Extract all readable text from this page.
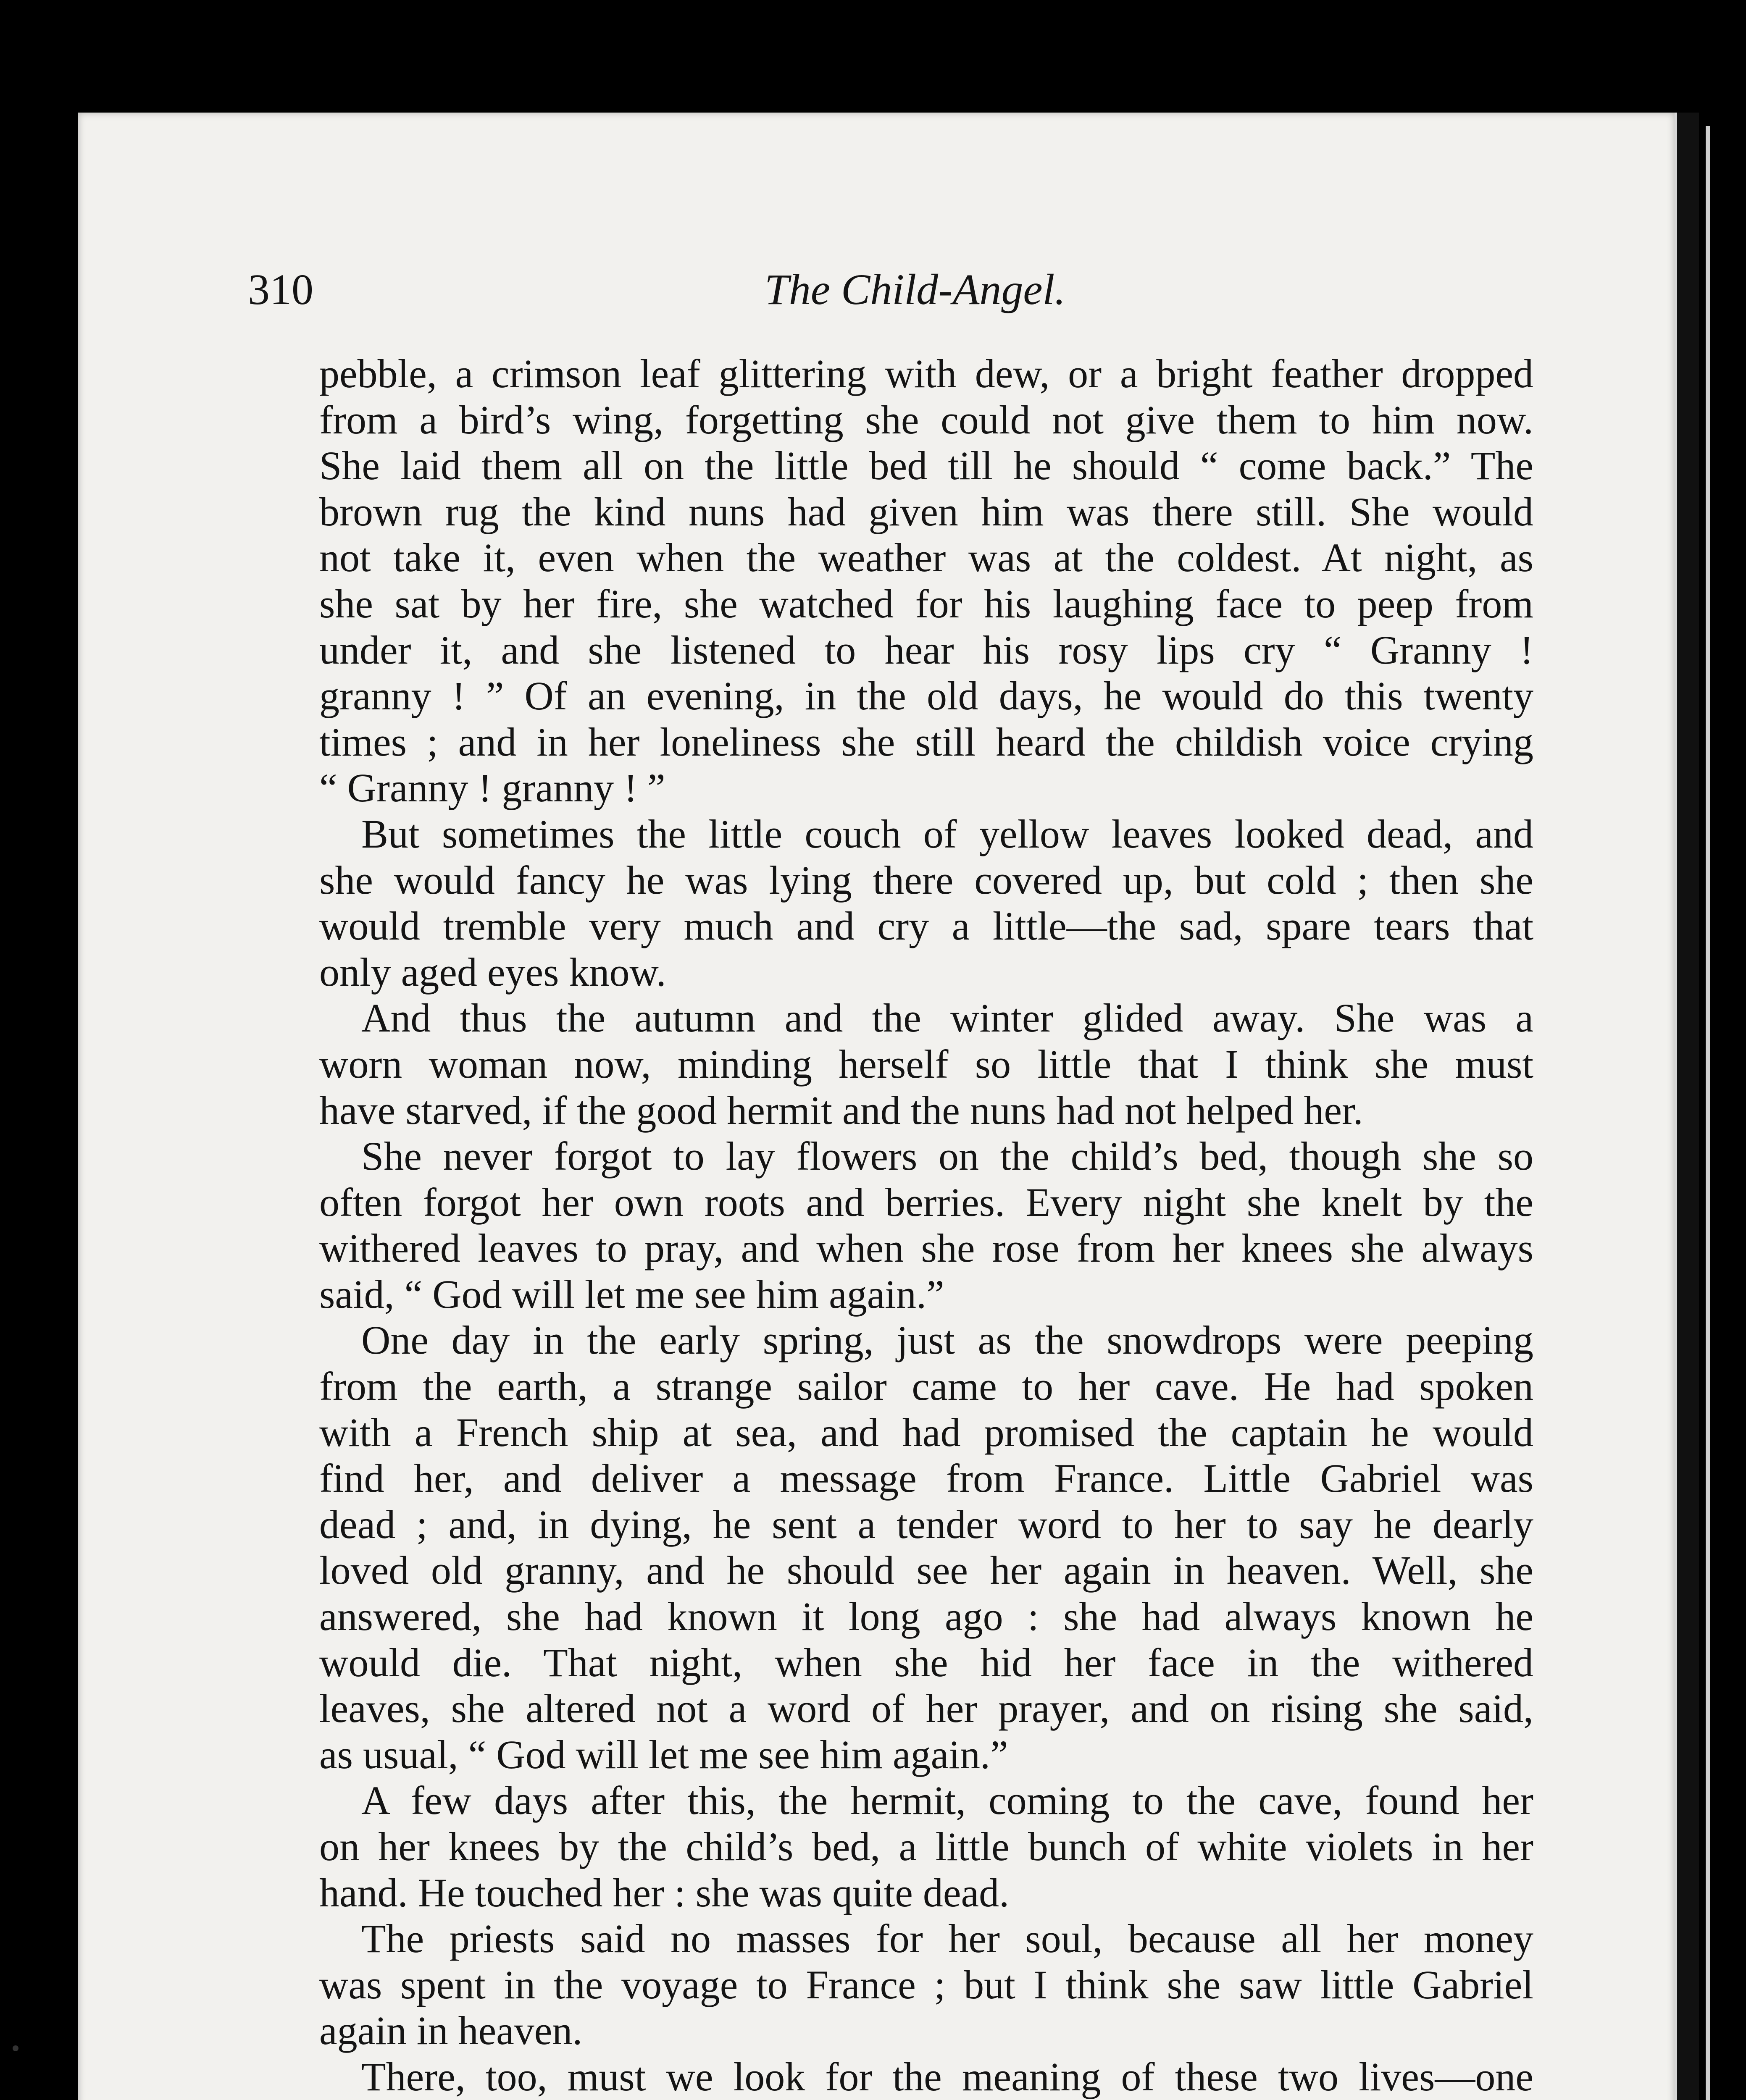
310	The Child-Angel.
pebble, a crimson leaf glittering with dew, or a bright feather dropped
from a bird’s wing, forgetting she could not give them to him now.
She laid them all on the little bed till he should “ come back.” The
brown rug the kind nuns had given him was there still. She would
not take it, even when the weather was at the coldest. At night, as
she sat by her fire, she watched for his laughing face to peep from
under it, and she listened to hear his rosy lips cry “ Granny !
granny ! ” Of an evening, in the old days, he would do this twenty
times ; and in her loneliness she still heard the childish voice crying
“ Granny ! granny ! ”
But sometimes the little couch of yellow leaves looked dead, and
she would fancy he was lying there covered up, but cold ; then she
would tremble very much and cry a little—the sad, spare tears that
only aged eyes know.
And thus the autumn and the winter glided away. She was a
worn woman now, minding herself so little that I think she must
have starved, if the good hermit and the nuns had not helped her.
She never forgot to lay flowers on the child’s bed, though she so
often forgot her own roots and berries. Every night she knelt by the
withered leaves to pray, and when she rose from her knees she always
said, “ God will let me see him again.”
One day in the early spring, just as the snowdrops were peeping
from the earth, a strange sailor came to her cave. He had spoken
with a French ship at sea, and had promised the captain he would
find her, and deliver a message from France. Little Gabriel was
dead ; and, in dying, he sent a tender word to her to say he dearly
loved old granny, and he should see her again in heaven. Well, she
answered, she had known it long ago : she had always known he
would die. That night, when she hid her face in the withered
leaves, she altered not a word of her prayer, and on rising she said,
as usual, “ God will let me see him again.”
A few days after this, the hermit, coming to the cave, found her
on her knees by the child’s bed, a little bunch of white violets in her
hand. He touched her : she was quite dead.
The priests said no masses for her soul, because all her money
was spent in the voyage to France ; but I think she saw little Gabriel
again in heaven.
There, too, must we look for the meaning of these two lives—one
